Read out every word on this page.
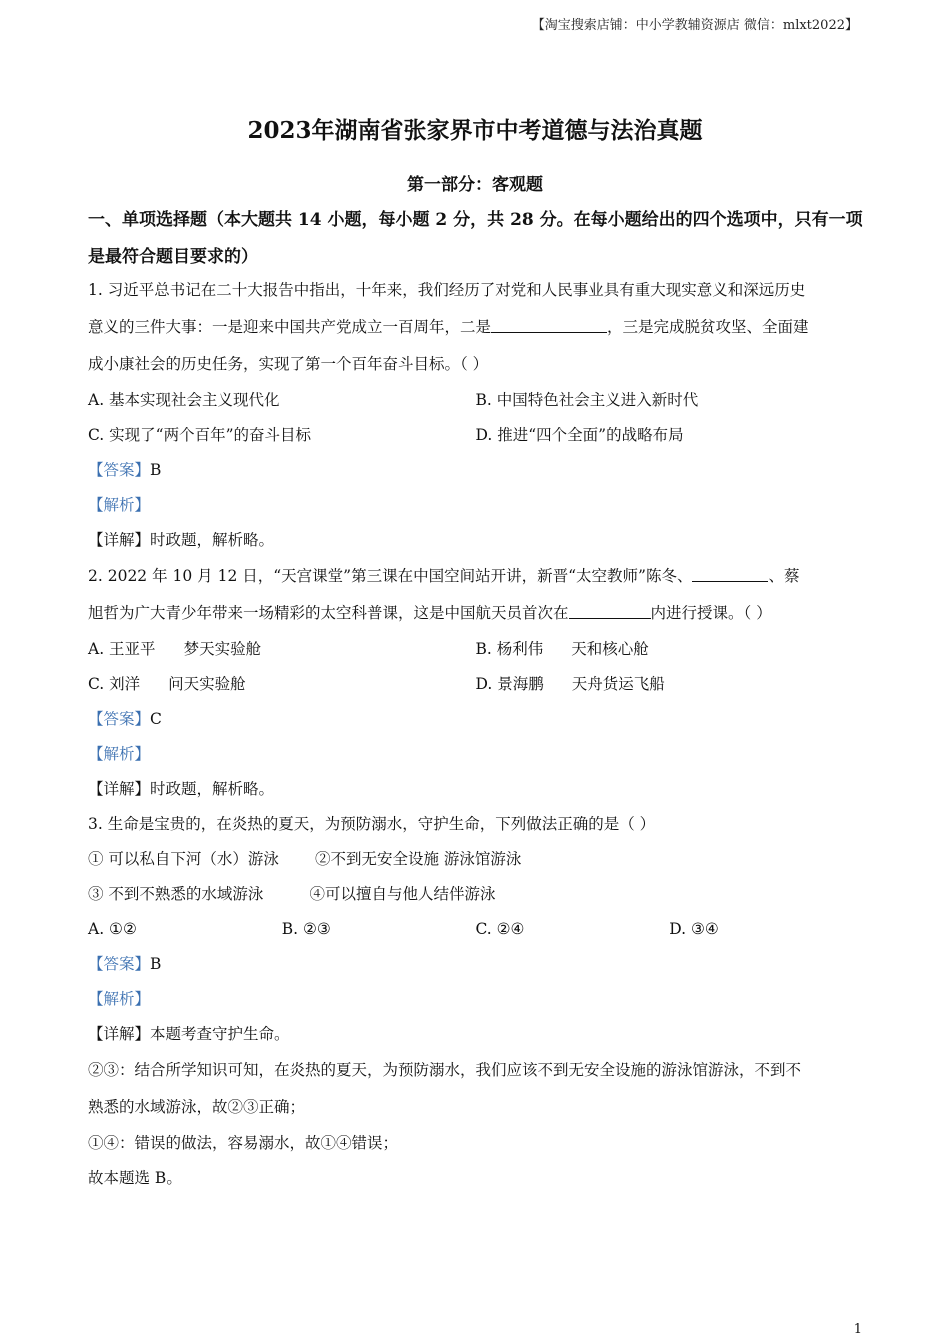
【淘宝搜索店铺：中小学教辅资源店 微信：mlxt2022】
2023年湖南省张家界市中考道德与法治真题
第一部分：客观题
一、单项选择题（本大题共 14 小题，每小题 2 分，共 28 分。在每小题给出的四个选项中，只有一项是最符合题目要求的）
1. 习近平总书记在二十大报告中指出，十年来，我们经历了对党和人民事业具有重大现实意义和深远历史
意义的三件大事：一是迎来中国共产党成立一百周年，二是	，三是完成脱贫攻坚、全面建
成小康社会的历史任务，实现了第一个百年奋斗目标。（ ）
A. 基本实现社会主义现代化	B. 中国特色社会主义进入新时代
C. 实现了“两个百年”的奋斗目标	D. 推进“四个全面”的战略布局
【答案】B
【解析】
【详解】时政题，解析略。
2. 2022 年 10 月 12 日，“天宫课堂”第三课在中国空间站开讲，新晋“太空教师”陈冬、	、蔡
旭哲为广大青少年带来一场精彩的太空科普课，这是中国航天员首次在	内进行授课。（ ）
A. 王亚平 梦天实验舱	B. 杨利伟 天和核心舱
C. 刘洋 问天实验舱	D. 景海鹏 天舟货运飞船
【答案】C
【解析】
【详解】时政题，解析略。
3. 生命是宝贵的，在炎热的夏天，为预防溺水，守护生命，下列做法正确的是（ ）
① 可以私自下河（水）游泳 ②不到无安全设施 游泳馆游泳
③ 不到不熟悉的水域游泳	④可以擅自与他人结伴游泳
A. ①②	B. ②③	C. ②④	D. ③④
【答案】B
【解析】
【详解】本题考查守护生命。
②③：结合所学知识可知，在炎热的夏天，为预防溺水，我们应该不到无安全设施的游泳馆游泳，不到不
熟悉的水域游泳，故②③正确；
①④：错误的做法，容易溺水，故①④错误；
故本题选 B。
1
